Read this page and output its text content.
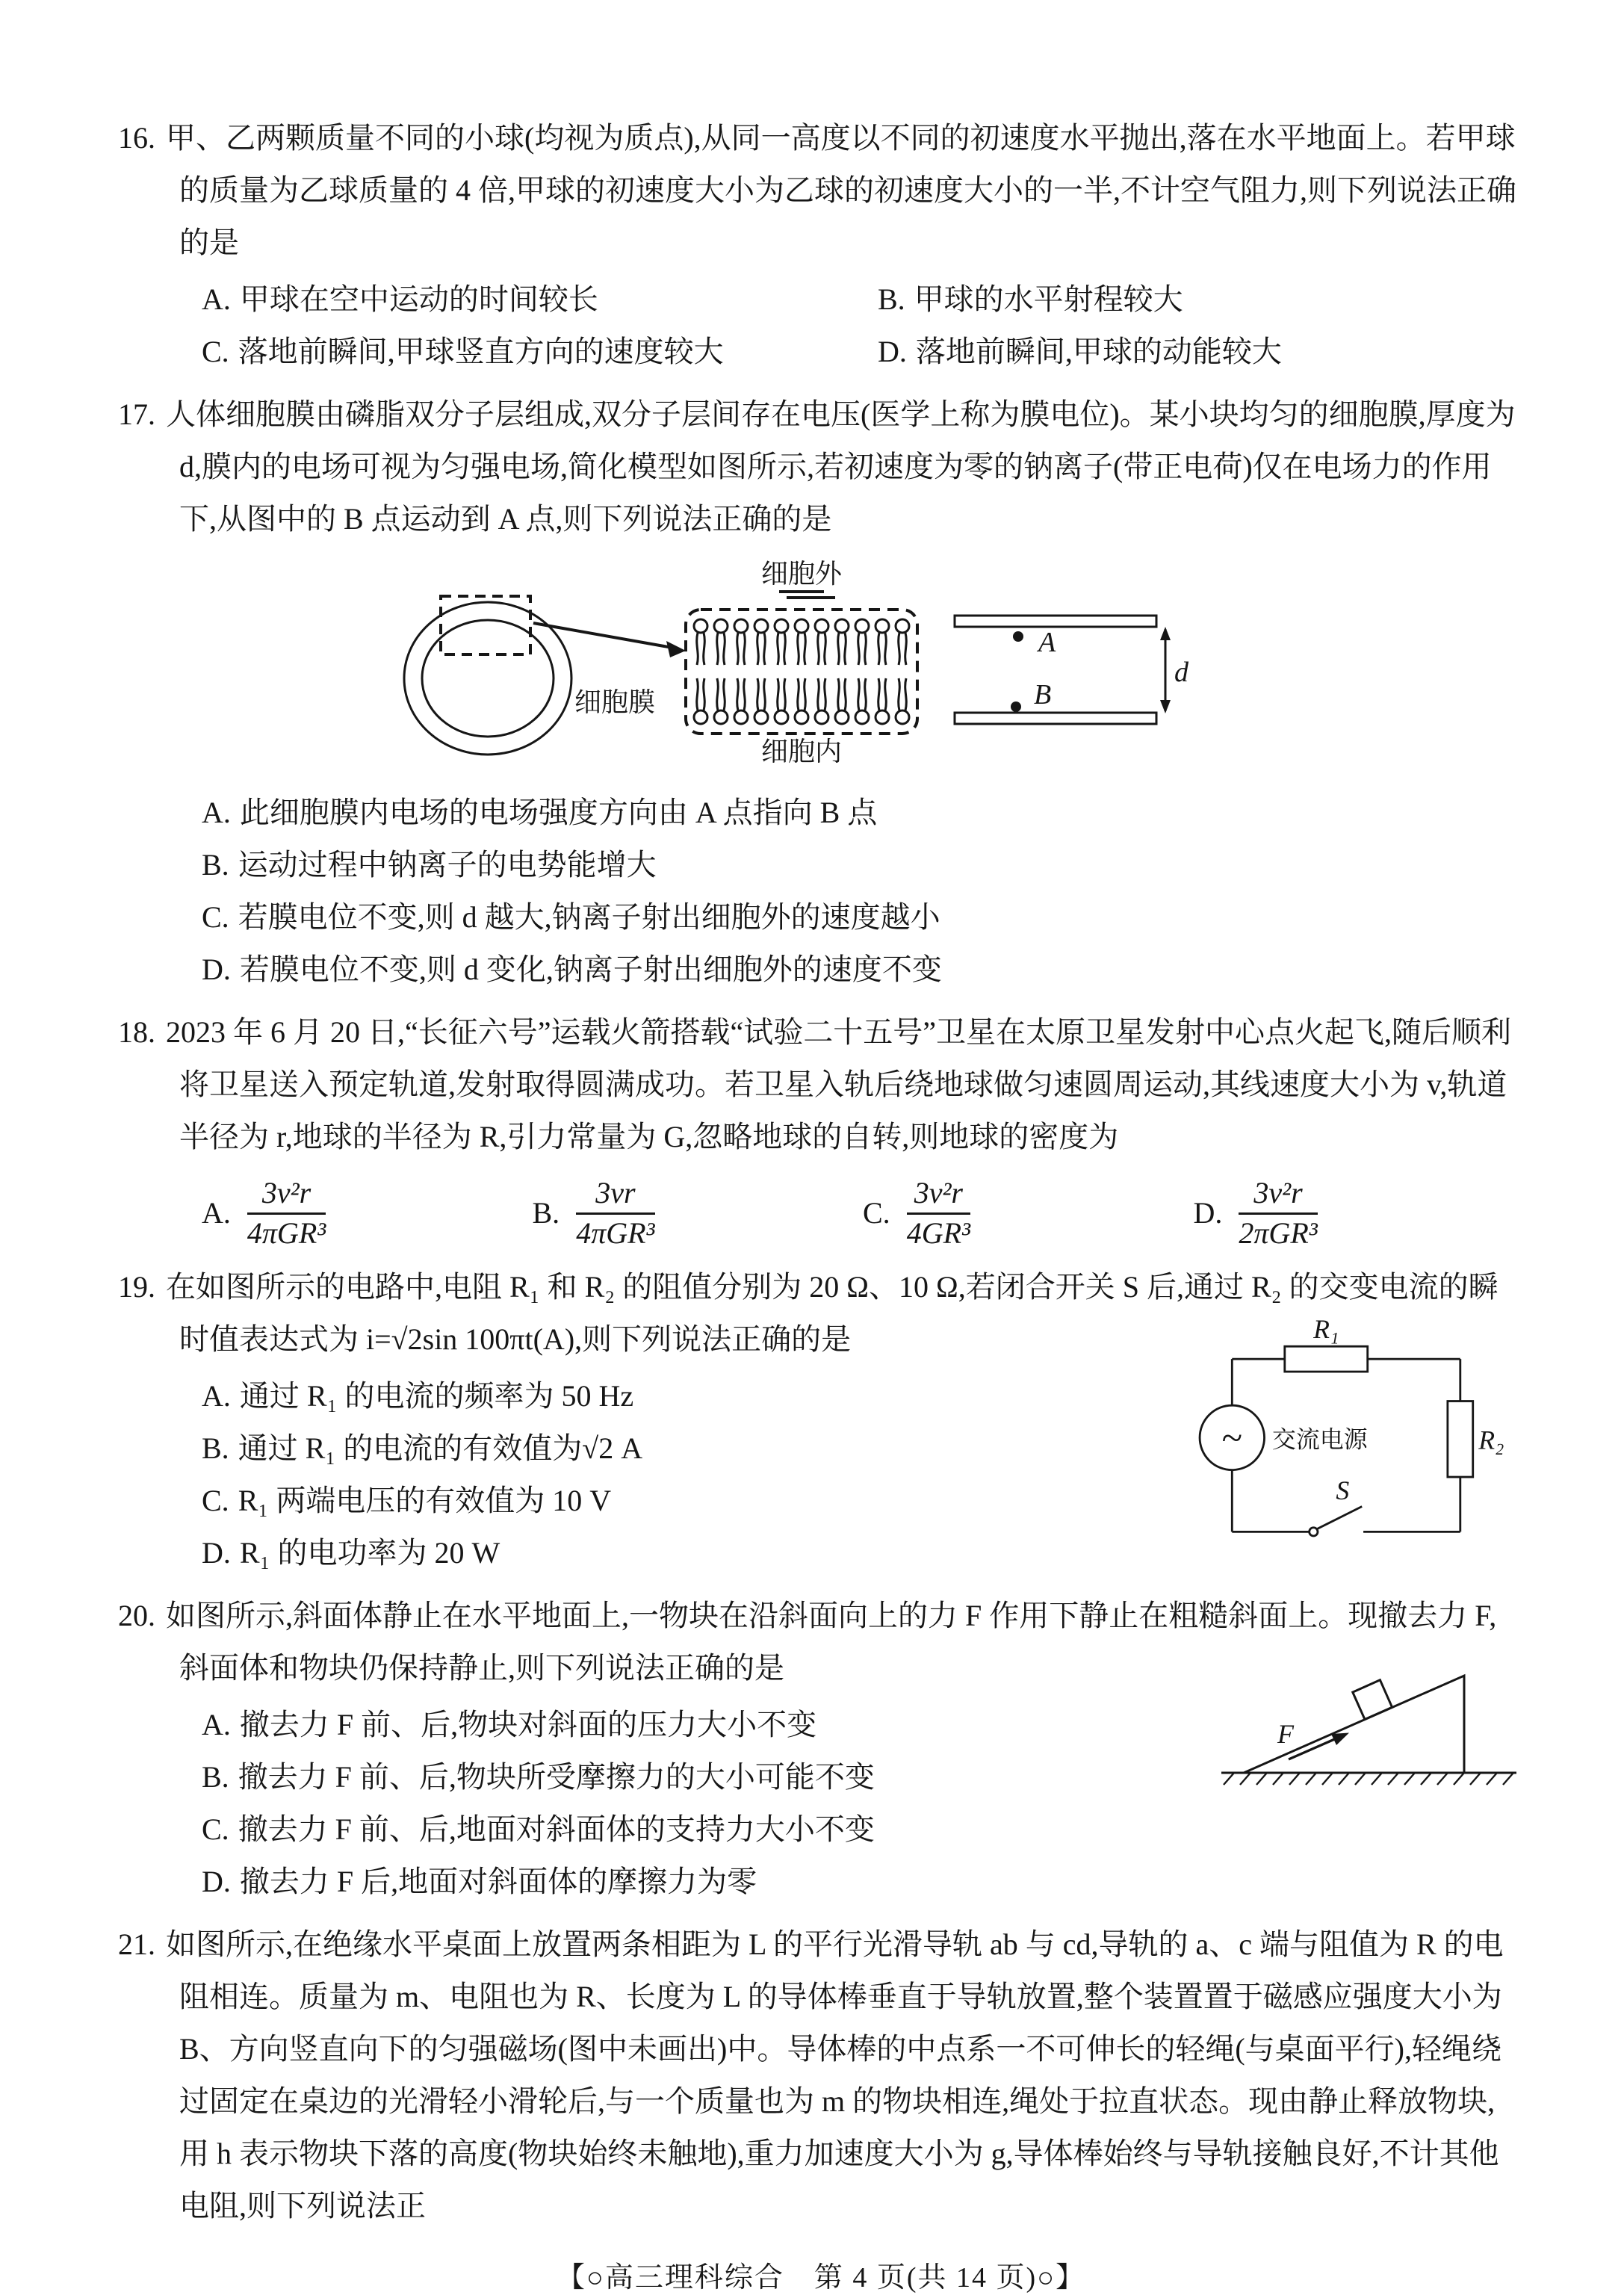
16. 甲、乙两颗质量不同的小球(均视为质点),从同一高度以不同的初速度水平抛出,落在水平地面上。若甲球的质量为乙球质量的 4 倍,甲球的初速度大小为乙球的初速度大小的一半,不计空气阻力,则下列说法正确的是
A. 甲球在空中运动的时间较长	B. 甲球的水平射程较大
C. 落地前瞬间,甲球竖直方向的速度较大	D. 落地前瞬间,甲球的动能较大
17. 人体细胞膜由磷脂双分子层组成,双分子层间存在电压(医学上称为膜电位)。某小块均匀的细胞膜,厚度为 d,膜内的电场可视为匀强电场,简化模型如图所示,若初速度为零的钠离子(带正电荷)仅在电场力的作用下,从图中的 B 点运动到 A 点,则下列说法正确的是
细胞膜
细胞外
细胞内
A
B
d
A. 此细胞膜内电场的电场强度方向由 A 点指向 B 点
B. 运动过程中钠离子的电势能增大
C. 若膜电位不变,则 d 越大,钠离子射出细胞外的速度越小
D. 若膜电位不变,则 d 变化,钠离子射出细胞外的速度不变
18. 2023 年 6 月 20 日,“长征六号”运载火箭搭载“试验二十五号”卫星在太原卫星发射中心点火起飞,随后顺利将卫星送入预定轨道,发射取得圆满成功。若卫星入轨后绕地球做匀速圆周运动,其线速度大小为 v,轨道半径为 r,地球的半径为 R,引力常量为 G,忽略地球的自转,则地球的密度为
A. $\frac{\text{3v²r}}{\text{4πGR³}}$	B. $\frac{3vr}{\text{4πGR³}}$	C. $\frac{\text{3v²r}}{\text{4GR³}}$	D. $\frac{\text{3v²r}}{\text{2πGR³}}$
~
R₁
R₂
S
交流电源
19. 在如图所示的电路中,电阻 R₁ 和 R₂ 的阻值分别为 20 Ω、10 Ω,若闭合开关 S 后,通过 R₂ 的交变电流的瞬时值表达式为 i=√2sin 100πt(A),则下列说法正确的是
A. 通过 R₁ 的电流的频率为 50 Hz
B. 通过 R₁ 的电流的有效值为√2 A
C. R₁ 两端电压的有效值为 10 V
D. R₁ 的电功率为 20 W
F
20. 如图所示,斜面体静止在水平地面上,一物块在沿斜面向上的力 F 作用下静止在粗糙斜面上。现撤去力 F,斜面体和物块仍保持静止,则下列说法正确的是
A. 撤去力 F 前、后,物块对斜面的压力大小不变
B. 撤去力 F 前、后,物块所受摩擦力的大小可能不变
C. 撤去力 F 前、后,地面对斜面体的支持力大小不变
D. 撤去力 F 后,地面对斜面体的摩擦力为零
21. 如图所示,在绝缘水平桌面上放置两条相距为 L 的平行光滑导轨 ab 与 cd,导轨的 a、c 端与阻值为 R 的电阻相连。质量为 m、电阻也为 R、长度为 L 的导体棒垂直于导轨放置,整个装置置于磁感应强度大小为 B、方向竖直向下的匀强磁场(图中未画出)中。导体棒的中点系一不可伸长的轻绳(与桌面平行),轻绳绕过固定在桌边的光滑轻小滑轮后,与一个质量也为 m 的物块相连,绳处于拉直状态。现由静止释放物块,用 h 表示物块下落的高度(物块始终未触地),重力加速度大小为 g,导体棒始终与导轨接触良好,不计其他电阻,则下列说法正
【○高三理科综合　第 4 页(共 14 页)○】
